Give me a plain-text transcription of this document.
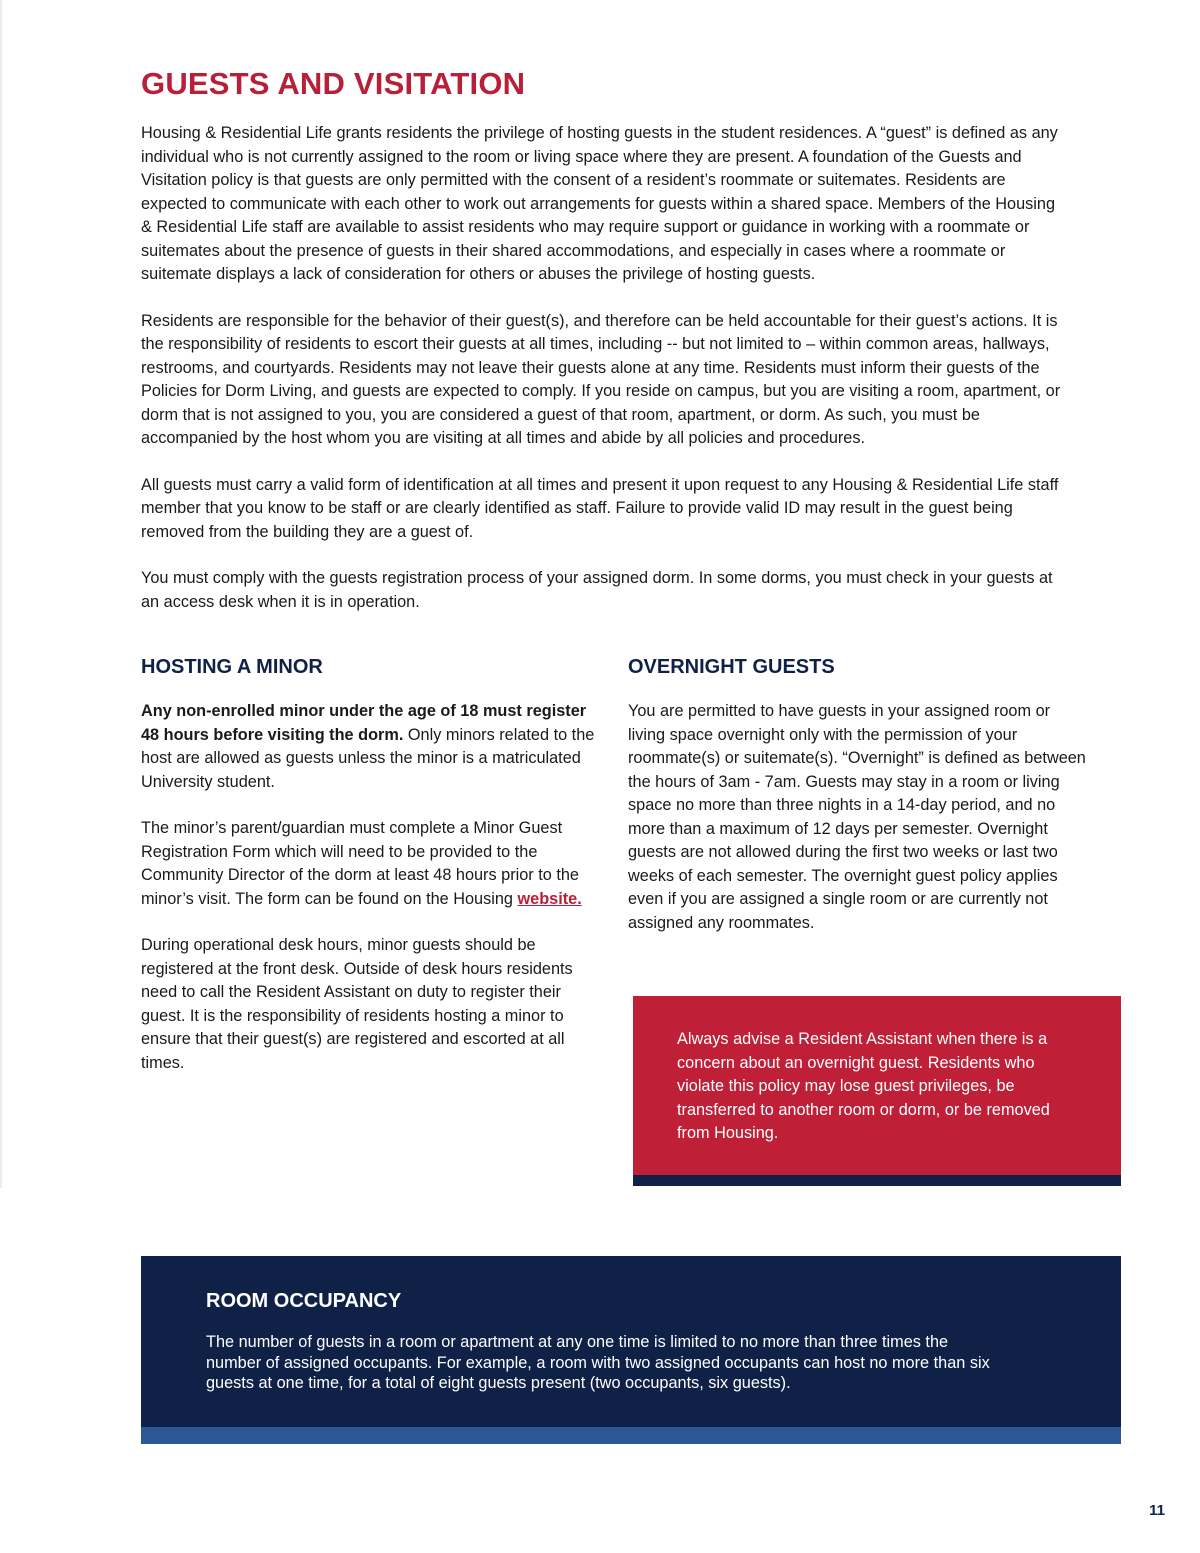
GUESTS AND VISITATION

Housing & Residential Life grants residents the privilege of hosting guests in the student residences. A “guest” is defined as any individual who is not currently assigned to the room or living space where they are present. A foundation of the Guests and Visitation policy is that guests are only permitted with the consent of a resident’s roommate or suitemates. Residents are expected to communicate with each other to work out arrangements for guests within a shared space. Members of the Housing & Residential Life staff are available to assist residents who may require support or guidance in working with a roommate or suitemates about the presence of guests in their shared accommodations, and especially in cases where a roommate or suitemate displays a lack of consideration for others or abuses the privilege of hosting guests.

Residents are responsible for the behavior of their guest(s), and therefore can be held accountable for their guest’s actions. It is the responsibility of residents to escort their guests at all times, including -- but not limited to – within common areas, hallways, restrooms, and courtyards. Residents may not leave their guests alone at any time. Residents must inform their guests of the Policies for Dorm Living, and guests are expected to comply. If you reside on campus, but you are visiting a room, apartment, or dorm that is not assigned to you, you are considered a guest of that room, apartment, or dorm. As such, you must be accompanied by the host whom you are visiting at all times and abide by all policies and procedures.

All guests must carry a valid form of identification at all times and present it upon request to any Housing & Residential Life staff member that you know to be staff or are clearly identified as staff. Failure to provide valid ID may result in the guest being removed from the building they are a guest of.

You must comply with the guests registration process of your assigned dorm. In some dorms, you must check in your guests at an access desk when it is in operation.

HOSTING A MINOR

Any non-enrolled minor under the age of 18 must register 48 hours before visiting the dorm. Only minors related to the host are allowed as guests unless the minor is a matriculated University student.

The minor’s parent/guardian must complete a Minor Guest Registration Form which will need to be provided to the Community Director of the dorm at least 48 hours prior to the minor’s visit. The form can be found on the Housing website.

During operational desk hours, minor guests should be registered at the front desk. Outside of desk hours residents need to call the Resident Assistant on duty to register their guest. It is the responsibility of residents hosting a minor to ensure that their guest(s) are registered and escorted at all times.

OVERNIGHT GUESTS

You are permitted to have guests in your assigned room or living space overnight only with the permission of your roommate(s) or suitemate(s). “Overnight” is defined as between the hours of 3am - 7am. Guests may stay in a room or living space no more than three nights in a 14-day period, and no more than a maximum of 12 days per semester. Overnight guests are not allowed during the first two weeks or last two weeks of each semester. The overnight guest policy applies even if you are assigned a single room or are currently not assigned any roommates.

Always advise a Resident Assistant when there is a concern about an overnight guest. Residents who violate this policy may lose guest privileges, be transferred to another room or dorm, or be removed from Housing.

ROOM OCCUPANCY

The number of guests in a room or apartment at any one time is limited to no more than three times the number of assigned occupants. For example, a room with two assigned occupants can host no more than six guests at one time, for a total of eight guests present (two occupants, six guests).

11
